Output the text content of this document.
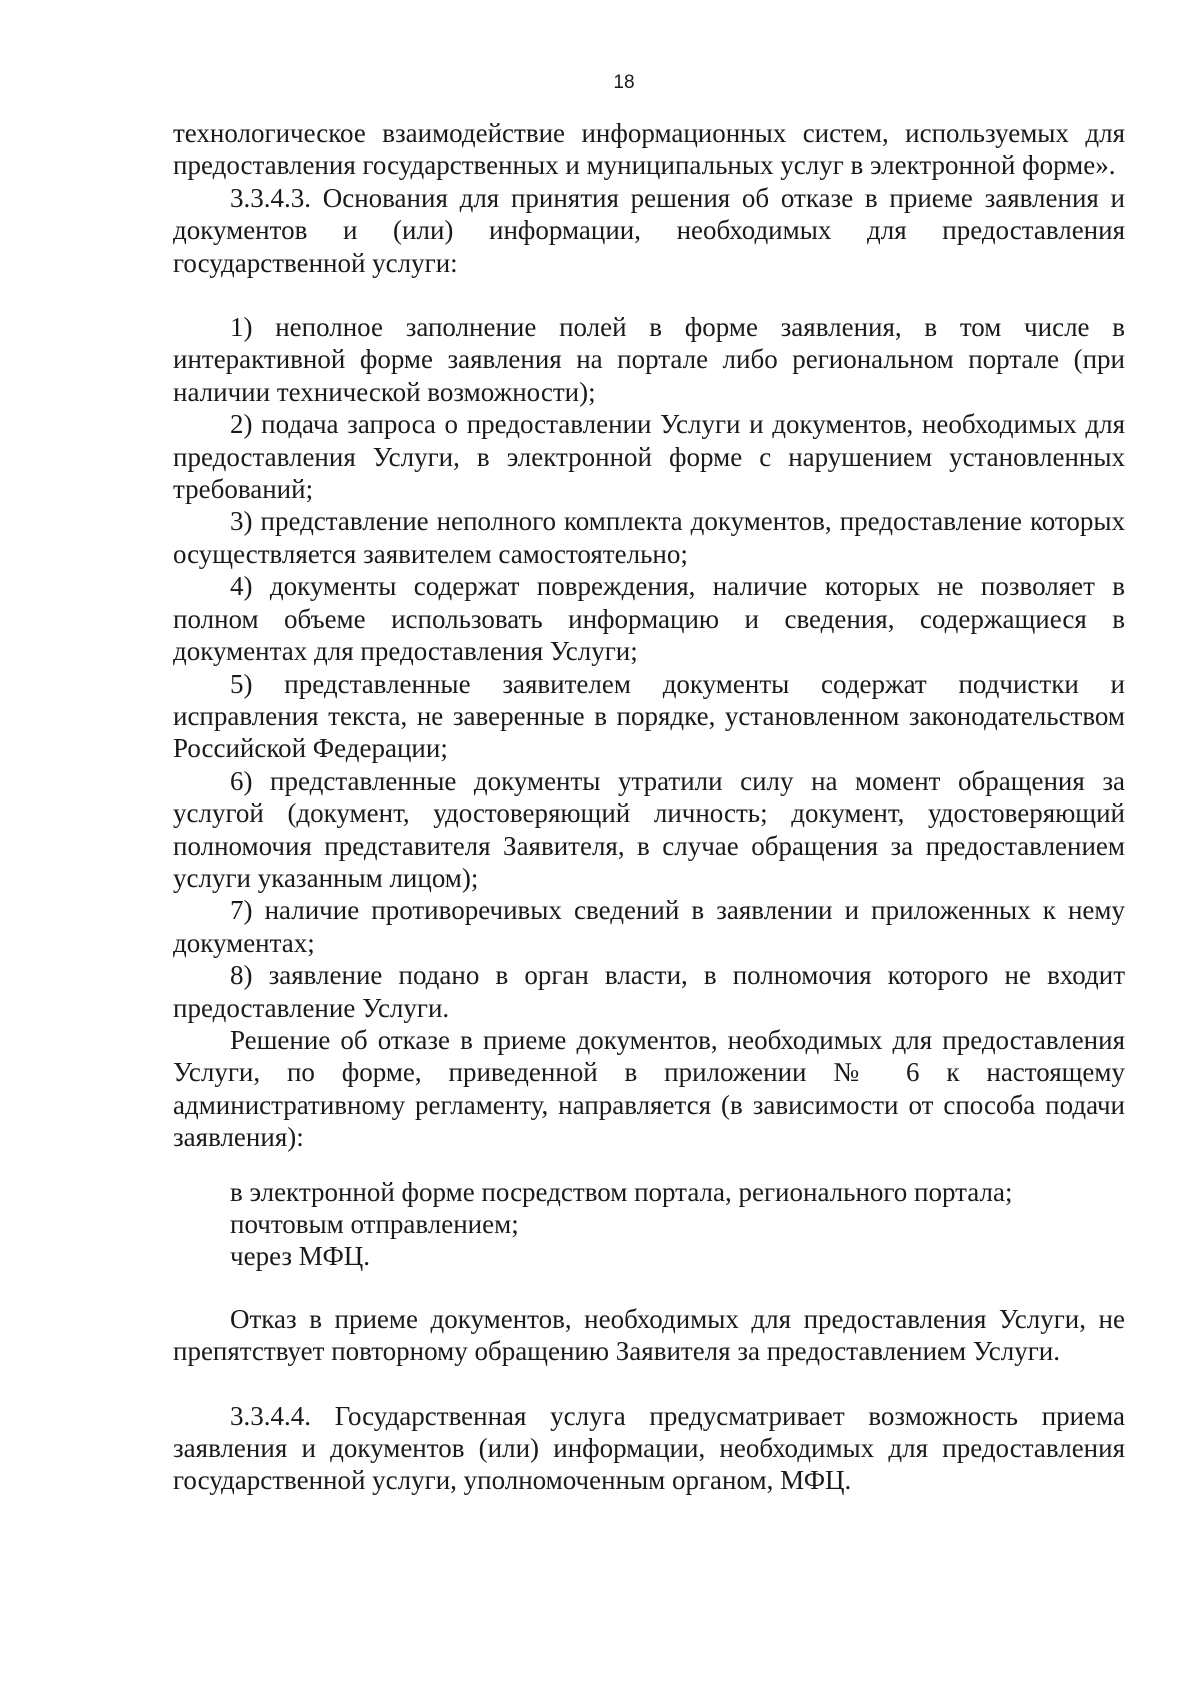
18

технологическое взаимодействие информационных систем, используемых для предоставления государственных и муниципальных услуг в электронной форме».

3.3.4.3. Основания для принятия решения об отказе в приеме заявления и документов и (или) информации, необходимых для предоставления государственной услуги:

1) неполное заполнение полей в форме заявления, в том числе в интерактивной форме заявления на портале либо региональном портале (при наличии технической возможности);

2) подача запроса о предоставлении Услуги и документов, необходимых для предоставления Услуги, в электронной форме с нарушением установленных требований;

3) представление неполного комплекта документов, предоставление которых осуществляется заявителем самостоятельно;

4) документы содержат повреждения, наличие которых не позволяет в полном объеме использовать информацию и сведения, содержащиеся в документах для предоставления Услуги;

5) представленные заявителем документы содержат подчистки и исправления текста, не заверенные в порядке, установленном законодательством Российской Федерации;

6) представленные документы утратили силу на момент обращения за услугой (документ, удостоверяющий личность; документ, удостоверяющий полномочия представителя Заявителя, в случае обращения за предоставлением услуги указанным лицом);

7) наличие противоречивых сведений в заявлении и приложенных к нему документах;

8) заявление подано в орган власти, в полномочия которого не входит предоставление Услуги.

Решение об отказе в приеме документов, необходимых для предоставления Услуги, по форме, приведенной в приложении № 6 к настоящему административному регламенту, направляется (в зависимости от способа подачи заявления):

в электронной форме посредством портала, регионального портала;

почтовым отправлением;

через МФЦ.

Отказ в приеме документов, необходимых для предоставления Услуги, не препятствует повторному обращению Заявителя за предоставлением Услуги.

3.3.4.4. Государственная услуга предусматривает возможность приема заявления и документов (или) информации, необходимых для предоставления государственной услуги, уполномоченным органом, МФЦ.
